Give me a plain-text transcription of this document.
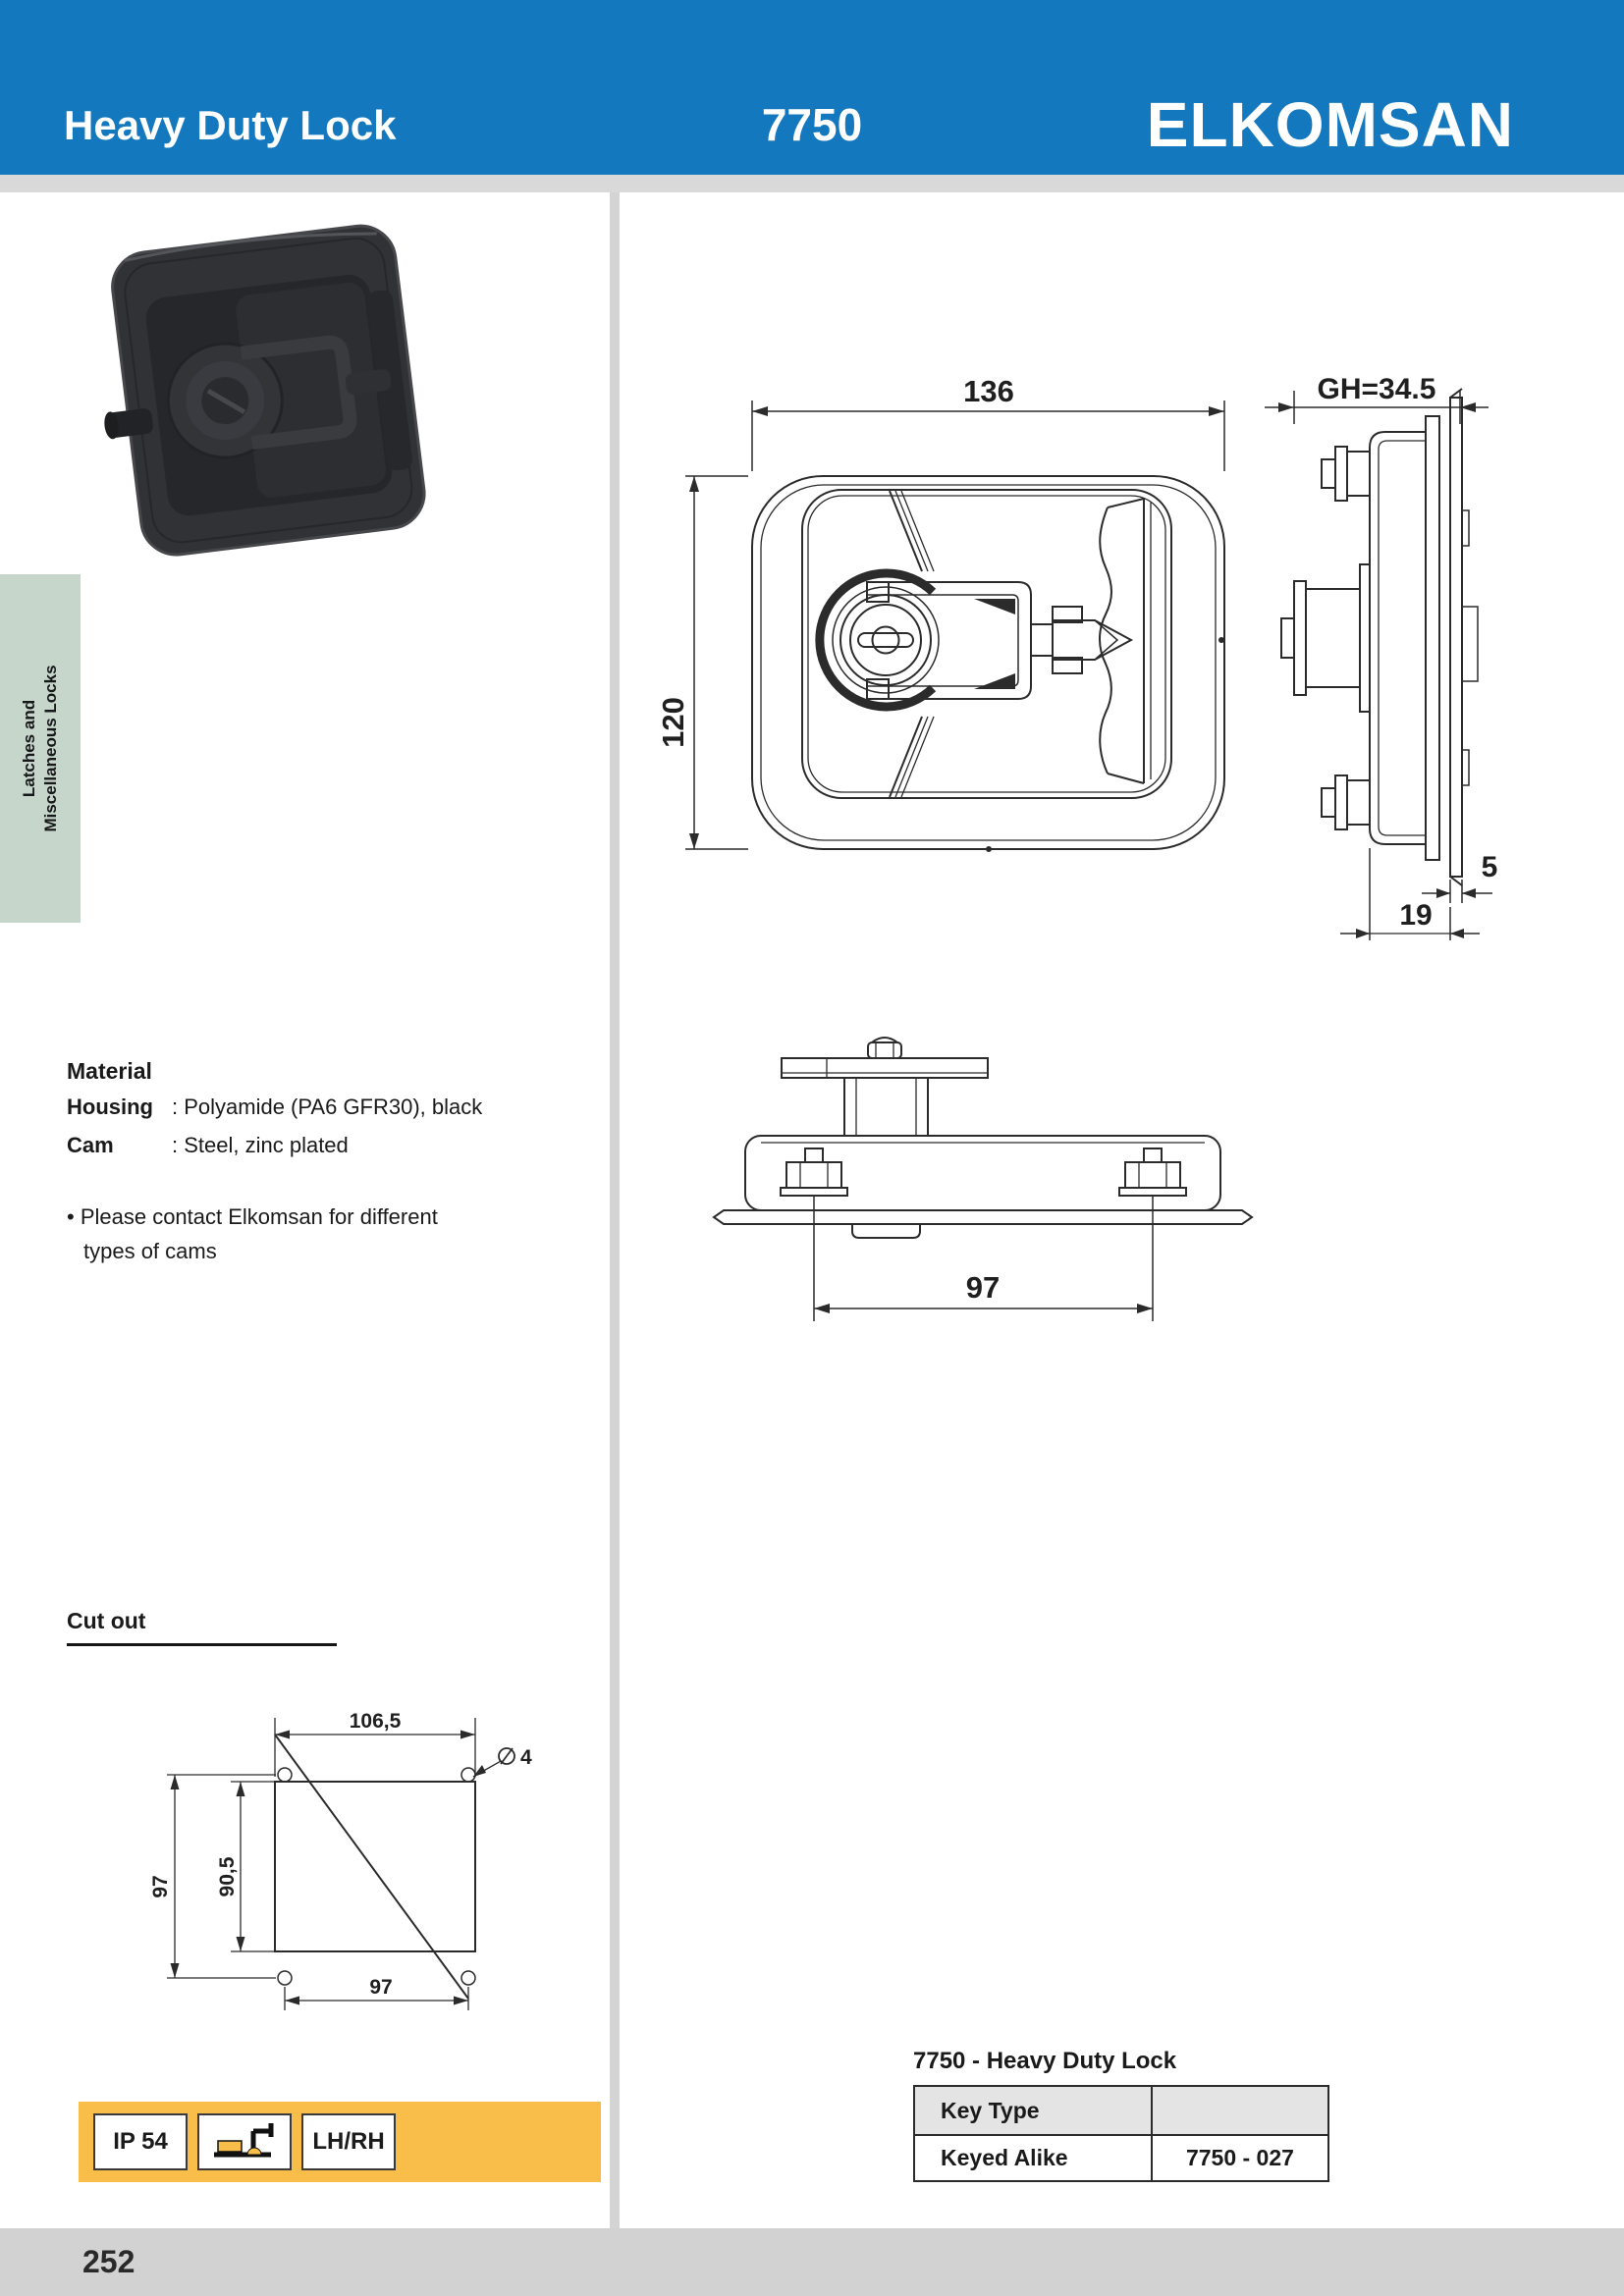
Heavy Duty Lock	7750	ELKOMSAN
Latches and Miscellaneous Locks
136
120
GH=34.5
5
19
97
Material
Housing : Polyamide (PA6 GFR30), black
Cam	: Steel, zinc plated
• Please contact Elkomsan for different
types of cams
Cut out
106,5
4
97 90,5
97
IP 54	LH/RH
7750 - Heavy Duty Lock
Key Type
Keyed Alike	7750 - 027
252
